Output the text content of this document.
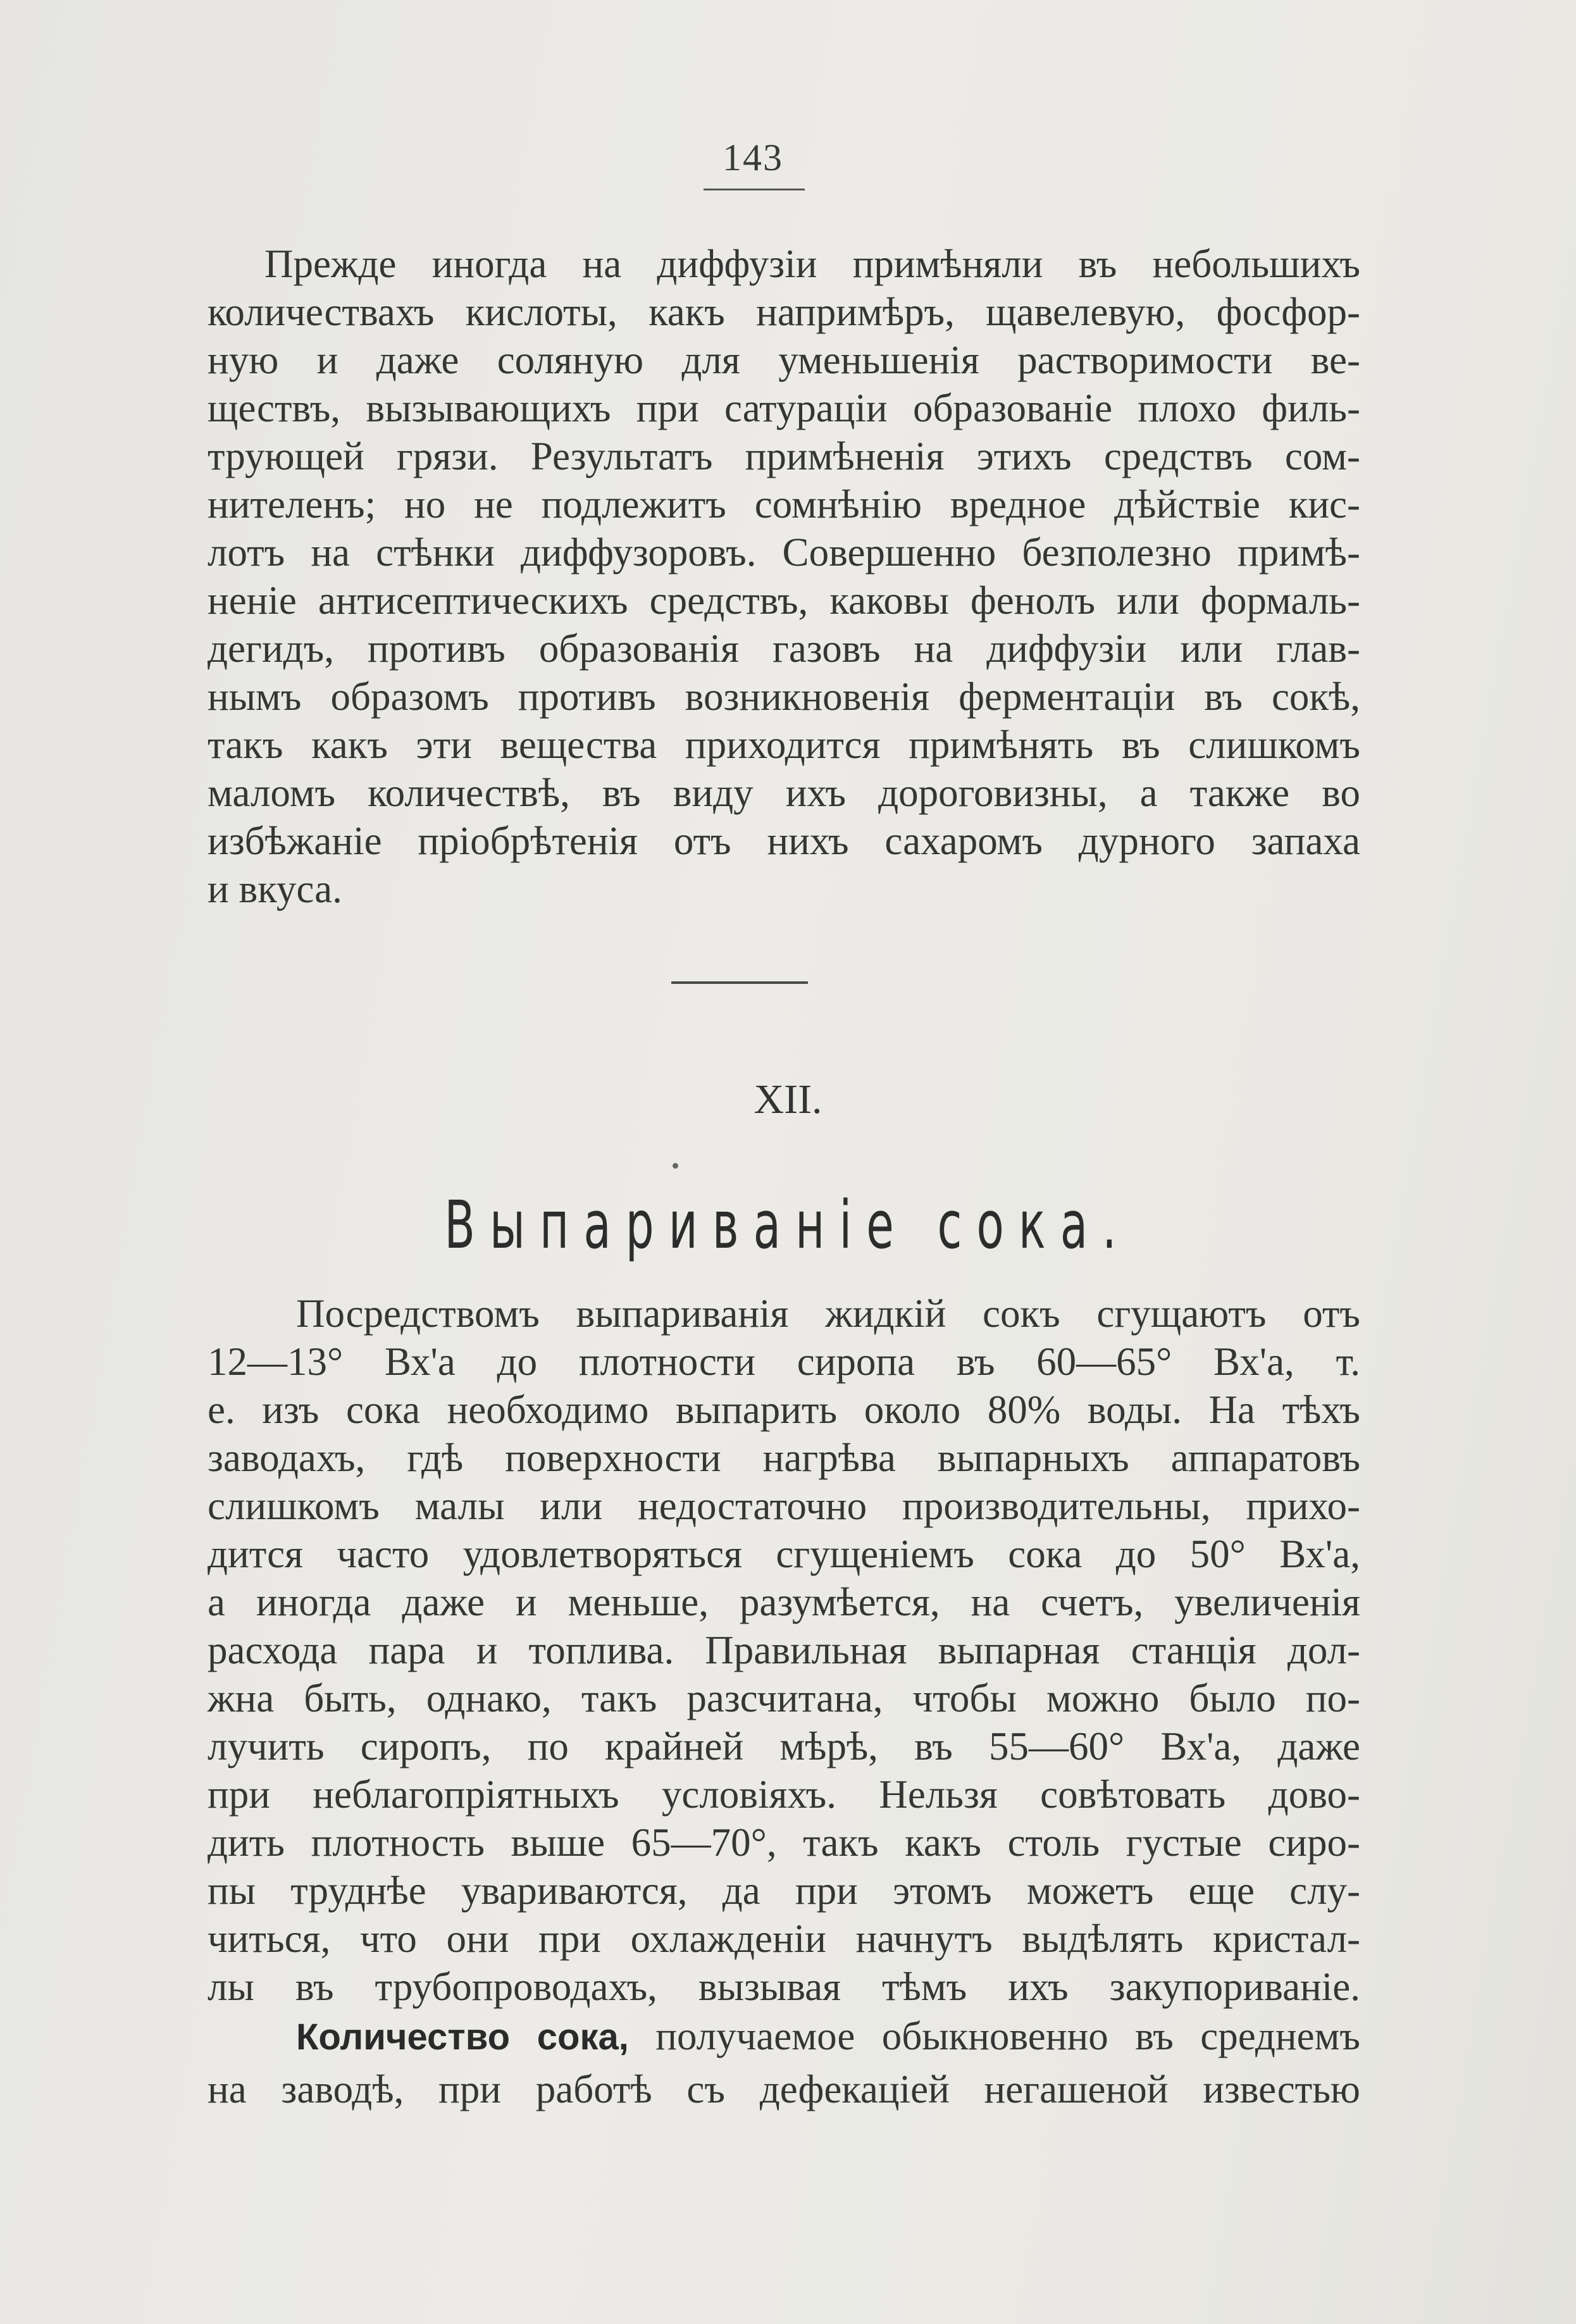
143
Прежде иногда на диффузіи примѣняли въ небольшихъ
количествахъ кислоты, какъ напримѣръ, щавелевую, фосфор-
ную и даже соляную для уменьшенія растворимости ве-
ществъ, вызывающихъ при сатураціи образованіе плохо филь-
трующей грязи. Результатъ примѣненія этихъ средствъ сом-
нителенъ; но не подлежитъ сомнѣнію вредное дѣйствіе кис-
лотъ на стѣнки диффузоровъ. Совершенно безполезно примѣ-
неніе антисептическихъ средствъ, каковы фенолъ или формаль-
дегидъ, противъ образованія газовъ на диффузіи или глав-
нымъ образомъ противъ возникновенія ферментаціи въ сокѣ,
такъ какъ эти вещества приходится примѣнять въ слишкомъ
маломъ количествѣ, въ виду ихъ дороговизны, а также во
избѣжаніе пріобрѣтенія отъ нихъ сахаромъ дурного запаха
и вкуса.
XII.
Выпариваніе сока.
Посредствомъ выпариванія жидкій сокъ сгущаютъ отъ
12—13° Вх'а до плотности сиропа въ 60—65° Вх'а, т.
е. изъ сока необходимо выпарить около 80% воды. На тѣхъ
заводахъ, гдѣ поверхности нагрѣва выпарныхъ аппаратовъ
слишкомъ малы или недостаточно производительны, прихо-
дится часто удовлетворяться сгущеніемъ сока до 50° Вх'а,
а иногда даже и меньше, разумѣется, на счетъ, увеличенія
расхода пара и топлива. Правильная выпарная станція дол-
жна быть, однако, такъ разсчитана, чтобы можно было по-
лучить сиропъ, по крайней мѣрѣ, въ 55—60° Вх'а, даже
при неблагопріятныхъ условіяхъ. Нельзя совѣтовать дово-
дить плотность выше 65—70°, такъ какъ столь густые сиро-
пы труднѣе увариваются, да при этомъ можетъ еще слу-
читься, что они при охлажденіи начнутъ выдѣлять кристал-
лы въ трубопроводахъ, вызывая тѣмъ ихъ закупориваніе.
Количество сока, получаемое обыкновенно въ среднемъ
на заводѣ, при работѣ съ дефекаціей негашеной известью
